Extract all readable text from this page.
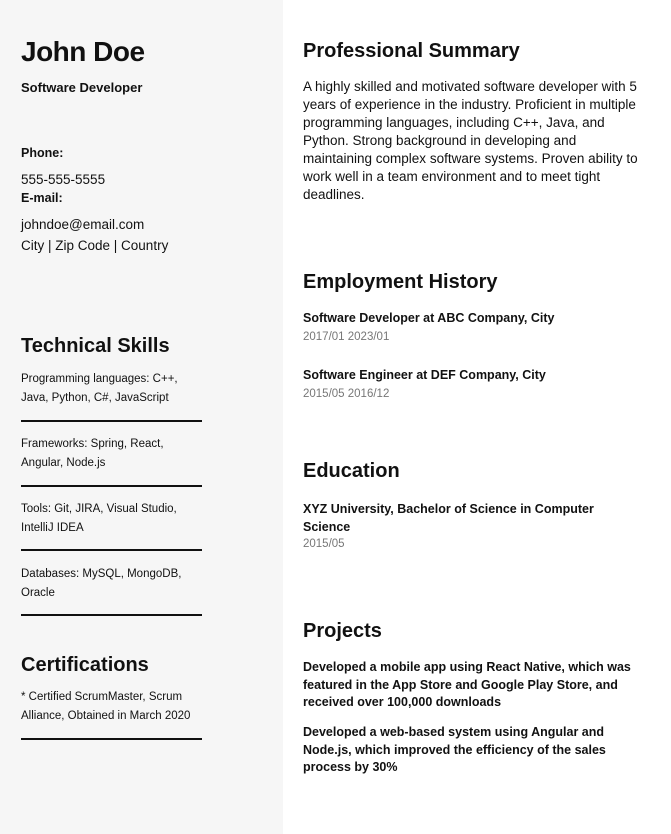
John Doe
Software Developer
Phone:
555-555-5555
E-mail:
johndoe@email.com
City | Zip Code | Country
Technical Skills
Programming languages: C++, Java, Python, C#, JavaScript
Frameworks: Spring, React, Angular, Node.js
Tools: Git, JIRA, Visual Studio, IntelliJ IDEA
Databases: MySQL, MongoDB, Oracle
Certifications
* Certified ScrumMaster, Scrum Alliance, Obtained in March 2020
Professional Summary
A highly skilled and motivated software developer with 5 years of experience in the industry. Proficient in multiple programming languages, including C++, Java, and Python. Strong background in developing and maintaining complex software systems. Proven ability to work well in a team environment and to meet tight deadlines.
Employment History
Software Developer at ABC Company, City
2017/01 2023/01
Software Engineer at DEF Company, City
2015/05 2016/12
Education
XYZ University, Bachelor of Science in Computer Science
2015/05
Projects
Developed a mobile app using React Native, which was featured in the App Store and Google Play Store, and received over 100,000 downloads
Developed a web-based system using Angular and Node.js, which improved the efficiency of the sales process by 30%
